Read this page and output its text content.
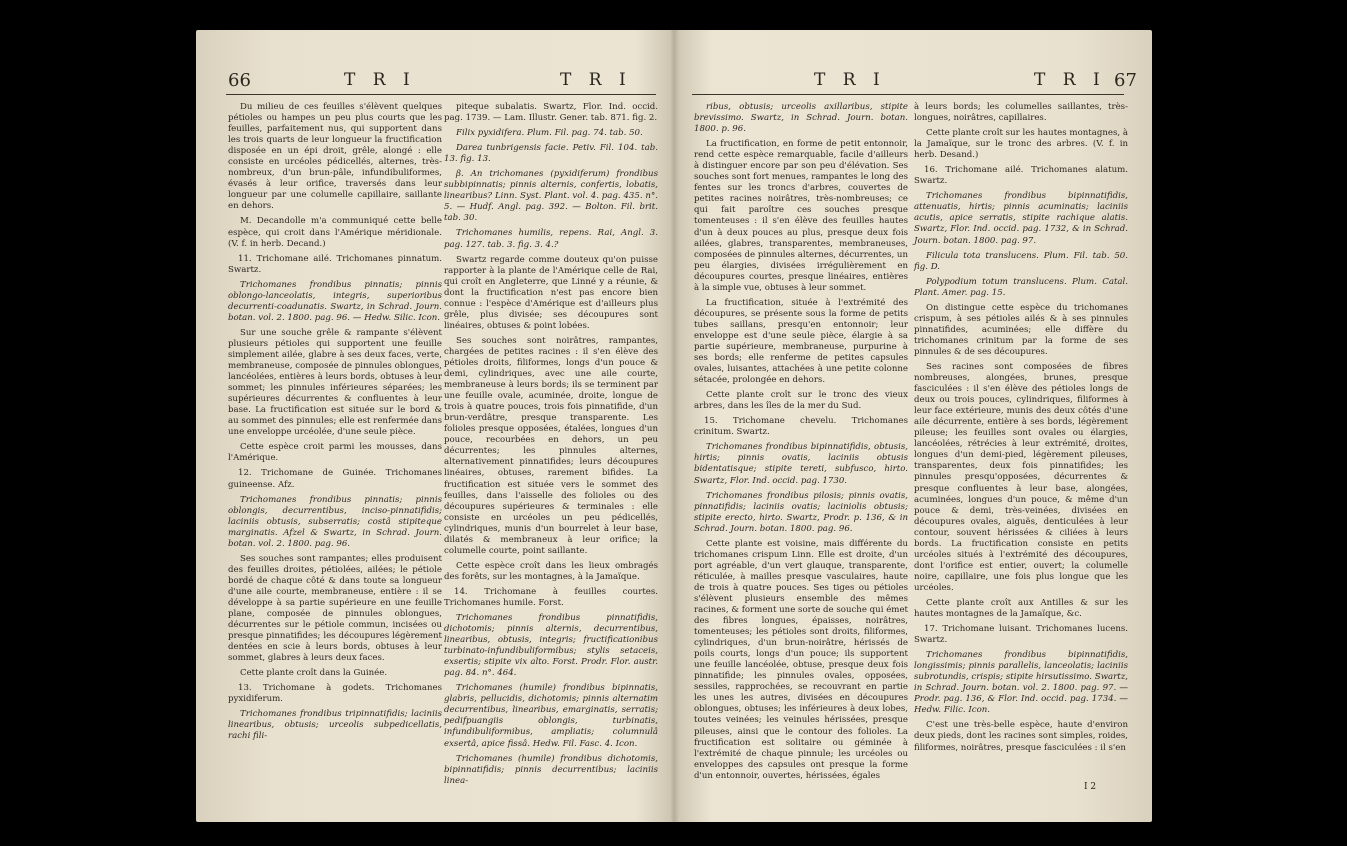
66	T R I	T R I

Du milieu de ces feuilles s'élèvent quelques pétioles ou hampes un peu plus courts que les feuilles, parfaitement nus, qui supportent dans les trois quarts de leur longueur la fructification disposée en un épi droit, grêle, alongé : elle consiste en urcéoles pédicellés, alternes, très-nombreux, d'un brun-pâle, infundibuliformes, évasés à leur orifice, traversés dans leur longueur par une columelle capillaire, saillante en dehors.

M. Decandolle m'a communiqué cette belle espèce, qui croit dans l'Amérique méridionale. (V. f. in herb. Decand.)

11. Trichomane ailé. Trichomanes pinnatum. Swartz.

Trichomanes frondibus pinnatis; pinnis oblongo-lanceolatis, integris, superioribus decurrenti-coadunatis. Swartz, in Schrad. Journ. botan. vol. 2. 1800. pag. 96. — Hedw. Silic. Icon.

Sur une souche grêle & rampante s'élèvent plusieurs pétioles qui supportent une feuille simplement ailée, glabre à ses deux faces, verte, membraneuse, composée de pinnules oblongues, lancéolées, entières à leurs bords, obtuses à leur sommet; les pinnules inférieures séparées; les supérieures décurrentes & confluentes à leur base. La fructification est située sur le bord & au sommet des pinnules; elle est renfermée dans une enveloppe urcéolée, d'une seule pièce.

Cette espèce croit parmi les mousses, dans l'Amérique.

12. Trichomane de Guinée. Trichomanes guineense. Afz.

Trichomanes frondibus pinnatis; pinnis oblongis, decurrentibus, inciso-pinnatifidis; laciniis obtusis, subserratis; costâ stipiteque marginatis. Afzel & Swartz, in Schrad. Journ. botan. vol. 2. 1800. pag. 96.

Ses souches sont rampantes; elles produisent des feuilles droites, pétiolées, ailées; le pétiole bordé de chaque côté & dans toute sa longueur d'une aile courte, membraneuse, entière : il se développe à sa partie supérieure en une feuille plane, composée de pinnules oblongues, décurrentes sur le pétiole commun, incisées ou presque pinnatifides; les découpures légèrement dentées en scie à leurs bords, obtuses à leur sommet, glabres à leurs deux faces.

Cette plante croît dans la Guinée.

13. Trichomane à godets. Trichomanes pyxidiferum.

Trichomanes frondibus tripinnatifidis; laciniis linearibus, obtusis; urceolis subpedicellatis, rachi fili-

piteque subalatis. Swartz, Flor. Ind. occid. pag. 1739. — Lam. Illustr. Gener. tab. 871. fig. 2.

Filix pyxidifera. Plum. Fil. pag. 74. tab. 50.

Darea tunbrigensis facie. Petiv. Fil. 104. tab. 13. fig. 13.

β. An trichomanes (pyxidiferum) frondibus subbipinnatis; pinnis alternis, confertis, lobatis, linearibus? Linn. Syst. Plant. vol. 4. pag. 435. n°. 5. — Hudf. Angl. pag. 392. — Bolton. Fil. brit. tab. 30.

Trichomanes humilis, repens. Rai, Angl. 3. pag. 127. tab. 3. fig. 3. 4.?

Swartz regarde comme douteux qu'on puisse rapporter à la plante de l'Amérique celle de Rai, qui croît en Angleterre, que Linné y a réunie, & dont la fructification n'est pas encore bien connue : l'espèce d'Amérique est d'ailleurs plus grêle, plus divisée; ses découpures sont linéaires, obtuses & point lobées.

Ses souches sont noirâtres, rampantes, chargées de petites racines : il s'en élève des pétioles droits, filiformes, longs d'un pouce & demi, cylindriques, avec une aile courte, membraneuse à leurs bords; ils se terminent par une feuille ovale, acuminée, droite, longue de trois à quatre pouces, trois fois pinnatifide, d'un brun-verdâtre, presque transparente. Les folioles presque opposées, étalées, longues d'un pouce, recourbées en dehors, un peu décurrentes; les pinnules alternes, alternativement pinnatifides; leurs découpures linéaires, obtuses, rarement bifides. La fructification est située vers le sommet des feuilles, dans l'aisselle des folioles ou des découpures supérieures & terminales : elle consiste en urcéoles un peu pédicellés, cylindriques, munis d'un bourrelet à leur base, dilatés & membraneux à leur orifice; la columelle courte, point saillante.

Cette espèce croît dans les lieux ombragés des forêts, sur les montagnes, à la Jamaïque.

14. Trichomane à feuilles courtes. Trichomanes humile. Forst.

Trichomanes frondibus pinnatifidis, dichotomis; pinnis alternis, decurrentibus, linearibus, obtusis, integris; fructificationibus turbinato-infundibuliformibus; stylis setaceis, exsertis; stipite vix alto. Forst. Prodr. Flor. austr. pag. 84. n°. 464.

Trichomanes (humile) frondibus bipinnatis, glabris, pellucidis, dichotomis; pinnis alternatim decurrentibus, linearibus, emarginatis, serratis; pedifpuangiis oblongis, turbinatis, infundibuliformibus, ampliatis; columnulâ exsertâ, apice fissâ. Hedw. Fil. Fasc. 4. Icon.

Trichomanes (humile) frondibus dichotomis, bipinnatifidis; pinnis decurrentibus; laciniis linea-

T R I	T R I 67

ribus, obtusis; urceolis axillaribus, stipite brevissimo. Swartz, in Schrad. Journ. botan. 1800. p. 96.

La fructification, en forme de petit entonnoir, rend cette espèce remarquable, facile d'ailleurs à distinguer encore par son peu d'élévation. Ses souches sont fort menues, rampantes le long des fentes sur les troncs d'arbres, couvertes de petites racines noirâtres, très-nombreuses; ce qui fait paroître ces souches presque tomenteuses : il s'en élève des feuilles hautes d'un à deux pouces au plus, presque deux fois ailées, glabres, transparentes, membraneuses, composées de pinnules alternes, décurrentes, un peu élargies, divisées irrégulièrement en découpures courtes, presque linéaires, entières à la simple vue, obtuses à leur sommet.

La fructification, située à l'extrémité des découpures, se présente sous la forme de petits tubes saillans, presqu'en entonnoir; leur enveloppe est d'une seule pièce, élargie à sa partie supérieure, membraneuse, purpurine à ses bords; elle renferme de petites capsules ovales, luisantes, attachées à une petite colonne sétacée, prolongée en dehors.

Cette plante croît sur le tronc des vieux arbres, dans les îles de la mer du Sud.

15. Trichomane chevelu. Trichomanes crinitum. Swartz.

Trichomanes frondibus bipinnatifidis, obtusis, hirtis; pinnis ovatis, laciniis obtusis bidentatisque; stipite tereti, subfusco, hirto. Swartz, Flor. Ind. occid. pag. 1730.

Trichomanes frondibus pilosis; pinnis ovatis, pinnatifidis; laciniis ovatis; laciniolis obtusis; stipite erecto, hirto. Swartz, Prodr. p. 136, & in Schrad. Journ. botan. 1800. pag. 96.

Cette plante est voisine, mais différente du trichomanes crispum Linn. Elle est droite, d'un port agréable, d'un vert glauque, transparente, réticulée, à mailles presque vasculaires, haute de trois à quatre pouces. Ses tiges ou pétioles s'élèvent plusieurs ensemble des mêmes racines, & forment une sorte de souche qui émet des fibres longues, épaisses, noirâtres, tomenteuses; les pétioles sont droits, filiformes, cylindriques, d'un brun-noirâtre, hérissés de poils courts, longs d'un pouce; ils supportent une feuille lancéolée, obtuse, presque deux fois pinnatifide; les pinnules ovales, opposées, sessiles, rapprochées, se recouvrant en partie les unes les autres, divisées en découpures oblongues, obtuses; les inférieures à deux lobes, toutes veinées; les veinules hérissées, presque pileuses, ainsi que le contour des folioles. La fructification est solitaire ou géminée à l'extrémité de chaque pinnule; les urcéoles ou enveloppes des capsules ont presque la forme d'un entonnoir, ouvertes, hérissées, égales

à leurs bords; les columelles saillantes, très-longues, noirâtres, capillaires.

Cette plante croît sur les hautes montagnes, à la Jamaïque, sur le tronc des arbres. (V. f. in herb. Desand.)

16. Trichomane ailé. Trichomanes alatum. Swartz.

Trichomanes frondibus bipinnatifidis, attenuatis, hirtis; pinnis acuminatis; laciniis acutis, apice serratis, stipite rachique alatis. Swartz, Flor. Ind. occid. pag. 1732, & in Schrad. Journ. botan. 1800. pag. 97.

Filicula tota translucens. Plum. Fil. tab. 50. fig. D.

Polypodium totum translucens. Plum. Catal. Plant. Amer. pag. 15.

On distingue cette espèce du trichomanes crispum, à ses pétioles ailés & à ses pinnules pinnatifides, acuminées; elle diffère du trichomanes crinitum par la forme de ses pinnules & de ses découpures.

Ses racines sont composées de fibres nombreuses, alongées, brunes, presque fasciculées : il s'en élève des pétioles longs de deux ou trois pouces, cylindriques, filiformes à leur face extérieure, munis des deux côtés d'une aile décurrente, entière à ses bords, légèrement pileuse; les feuilles sont ovales ou élargies, lancéolées, rétrécies à leur extrémité, droites, longues d'un demi-pied, légèrement pileuses, transparentes, deux fois pinnatifides; les pinnules presqu'opposées, décurrentes & presque confluentes à leur base, alongées, acuminées, longues d'un pouce, & même d'un pouce & demi, très-veinées, divisées en découpures ovales, aiguës, denticulées à leur contour, souvent hérissées & ciliées à leurs bords. La fructification consiste en petits urcéoles situés à l'extrémité des découpures, dont l'orifice est entier, ouvert; la columelle noire, capillaire, une fois plus longue que les urcéoles.

Cette plante croît aux Antilles & sur les hautes montagnes de la Jamaïque, &c.

17. Trichomane luisant. Trichomanes lucens. Swartz.

Trichomanes frondibus bipinnatifidis, longissimis; pinnis parallelis, lanceolatis; laciniis subrotundis, crispis; stipite hirsutissimo. Swartz, in Schrad. Journ. botan. vol. 2. 1800. pag. 97. — Prodr. pag. 136, & Flor. Ind. occid. pag. 1734. — Hedw. Filic. Icon.

C'est une très-belle espèce, haute d'environ deux pieds, dont les racines sont simples, roides, filiformes, noirâtres, presque fasciculées : il s'en

I 2
